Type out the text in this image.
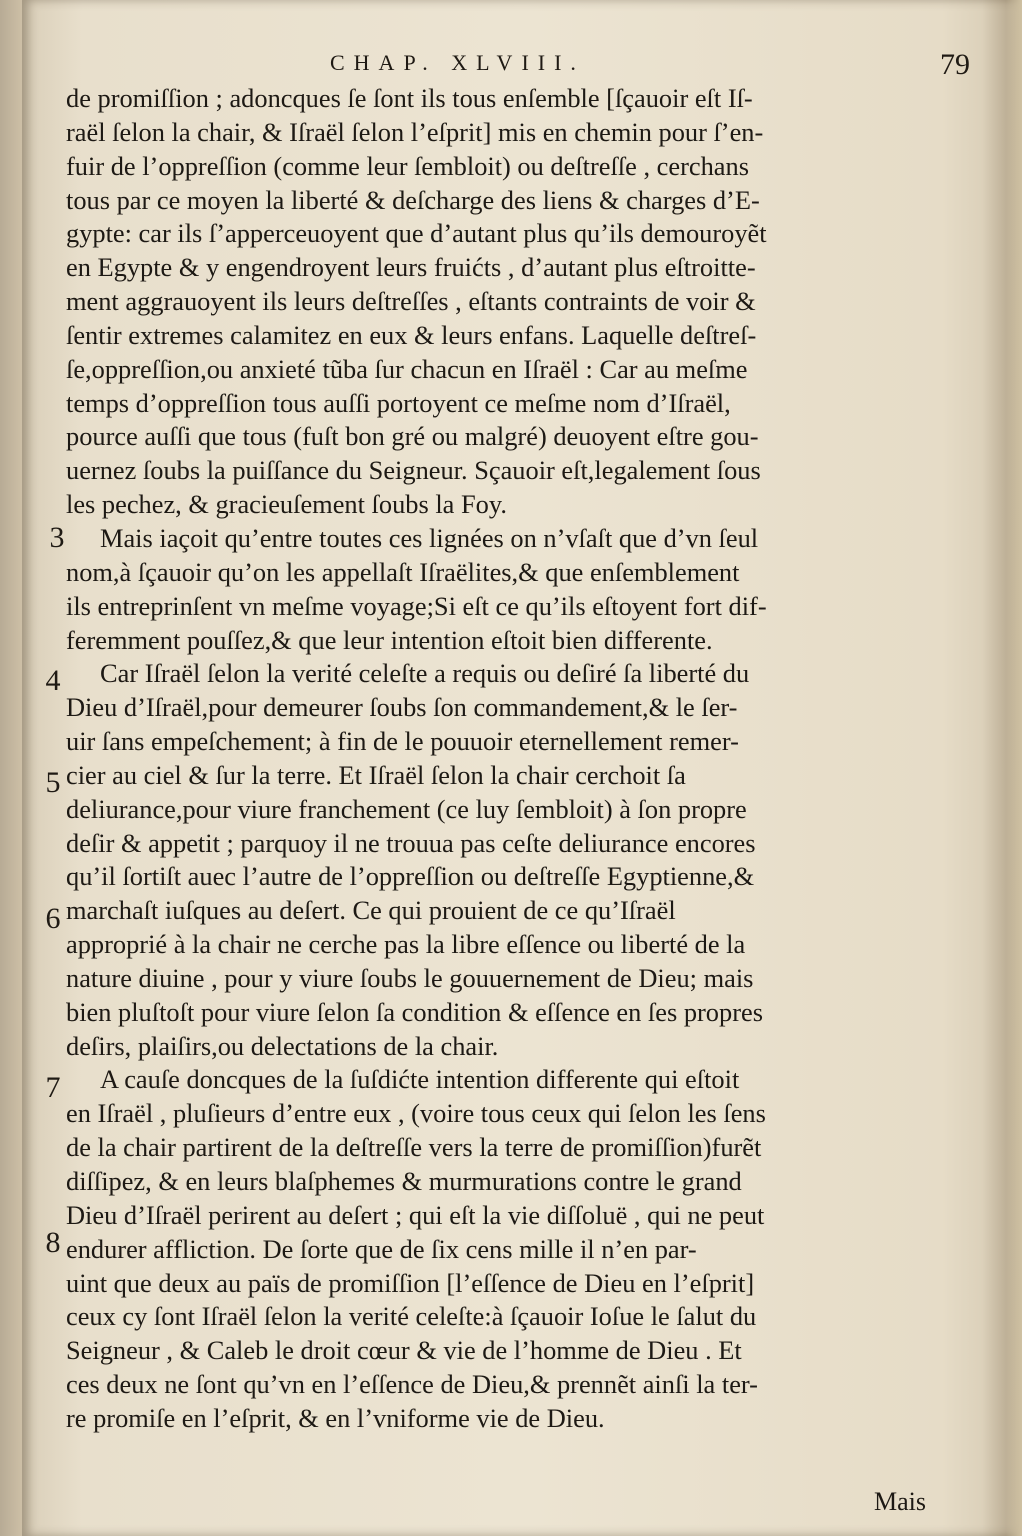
CHAP. XLVIII.	79
3
4
5
6
7
8
de promiſſion ; adoncques ſe ſont ils tous enſemble [ſçauoir eſt Iſ-
raël ſelon la chair, & Iſraël ſelon l’eſprit] mis en chemin pour ſ’en-
fuir de l’oppreſſion (comme leur ſembloit) ou deſtreſſe , cerchans
tous par ce moyen la liberté & deſcharge des liens & charges d’E-
gypte: car ils ſ’apperceuoyent que d’autant plus qu’ils demouroyẽt
en Egypte & y engendroyent leurs fruićts , d’autant plus eſtroitte-
ment aggrauoyent ils leurs deſtreſſes , eſtants contraints de voir &
ſentir extremes calamitez en eux & leurs enfans. Laquelle deſtreſ-
ſe,oppreſſion,ou anxieté tũba ſur chacun en Iſraël : Car au meſme
temps d’oppreſſion tous auſſi portoyent ce meſme nom d’Iſraël,
pource auſſi que tous (fuſt bon gré ou malgré) deuoyent eſtre gou-
uernez ſoubs la puiſſance du Seigneur. Sçauoir eſt,legalement ſous
les pechez, & gracieuſement ſoubs la Foy.
Mais iaçoit qu’entre toutes ces lignées on n’vſaſt que d’vn ſeul
nom,à ſçauoir qu’on les appellaſt Iſraëlites,& que enſemblement
ils entreprinſent vn meſme voyage;Si eſt ce qu’ils eſtoyent fort dif-
feremment pouſſez,& que leur intention eſtoit bien differente.
Car Iſraël ſelon la verité celeſte a requis ou deſiré ſa liberté du
Dieu d’Iſraël,pour demeurer ſoubs ſon commandement,& le ſer-
uir ſans empeſchement; à fin de le pouuoir eternellement remer-
cier au ciel & ſur la terre. Et Iſraël ſelon la chair cerchoit ſa
deliurance,pour viure franchement (ce luy ſembloit) à ſon propre
deſir & appetit ; parquoy il ne trouua pas ceſte deliurance encores
qu’il ſortiſt auec l’autre de l’oppreſſion ou deſtreſſe Egyptienne,&
marchaſt iuſques au deſert. Ce qui prouient de ce qu’Iſraël
approprié à la chair ne cerche pas la libre eſſence ou liberté de la
nature diuine , pour y viure ſoubs le gouuernement de Dieu; mais
bien pluſtoſt pour viure ſelon ſa condition & eſſence en ſes propres
deſirs, plaiſirs,ou delectations de la chair.
A cauſe doncques de la ſuſdićte intention differente qui eſtoit
en Iſraël , pluſieurs d’entre eux , (voire tous ceux qui ſelon les ſens
de la chair partirent de la deſtreſſe vers la terre de promiſſion)furẽt
diſſipez, & en leurs blaſphemes & murmurations contre le grand
Dieu d’Iſraël perirent au deſert ; qui eſt la vie diſſoluë , qui ne peut
endurer affliction. De ſorte que de ſix cens mille il n’en par-
uint que deux au païs de promiſſion [l’eſſence de Dieu en l’eſprit]
ceux cy ſont Iſraël ſelon la verité celeſte:à ſçauoir Ioſue le ſalut du
Seigneur , & Caleb le droit cœur & vie de l’homme de Dieu . Et
ces deux ne ſont qu’vn en l’eſſence de Dieu,& prennẽt ainſi la ter-
re promiſe en l’eſprit, & en l’vniforme vie de Dieu.
Mais
